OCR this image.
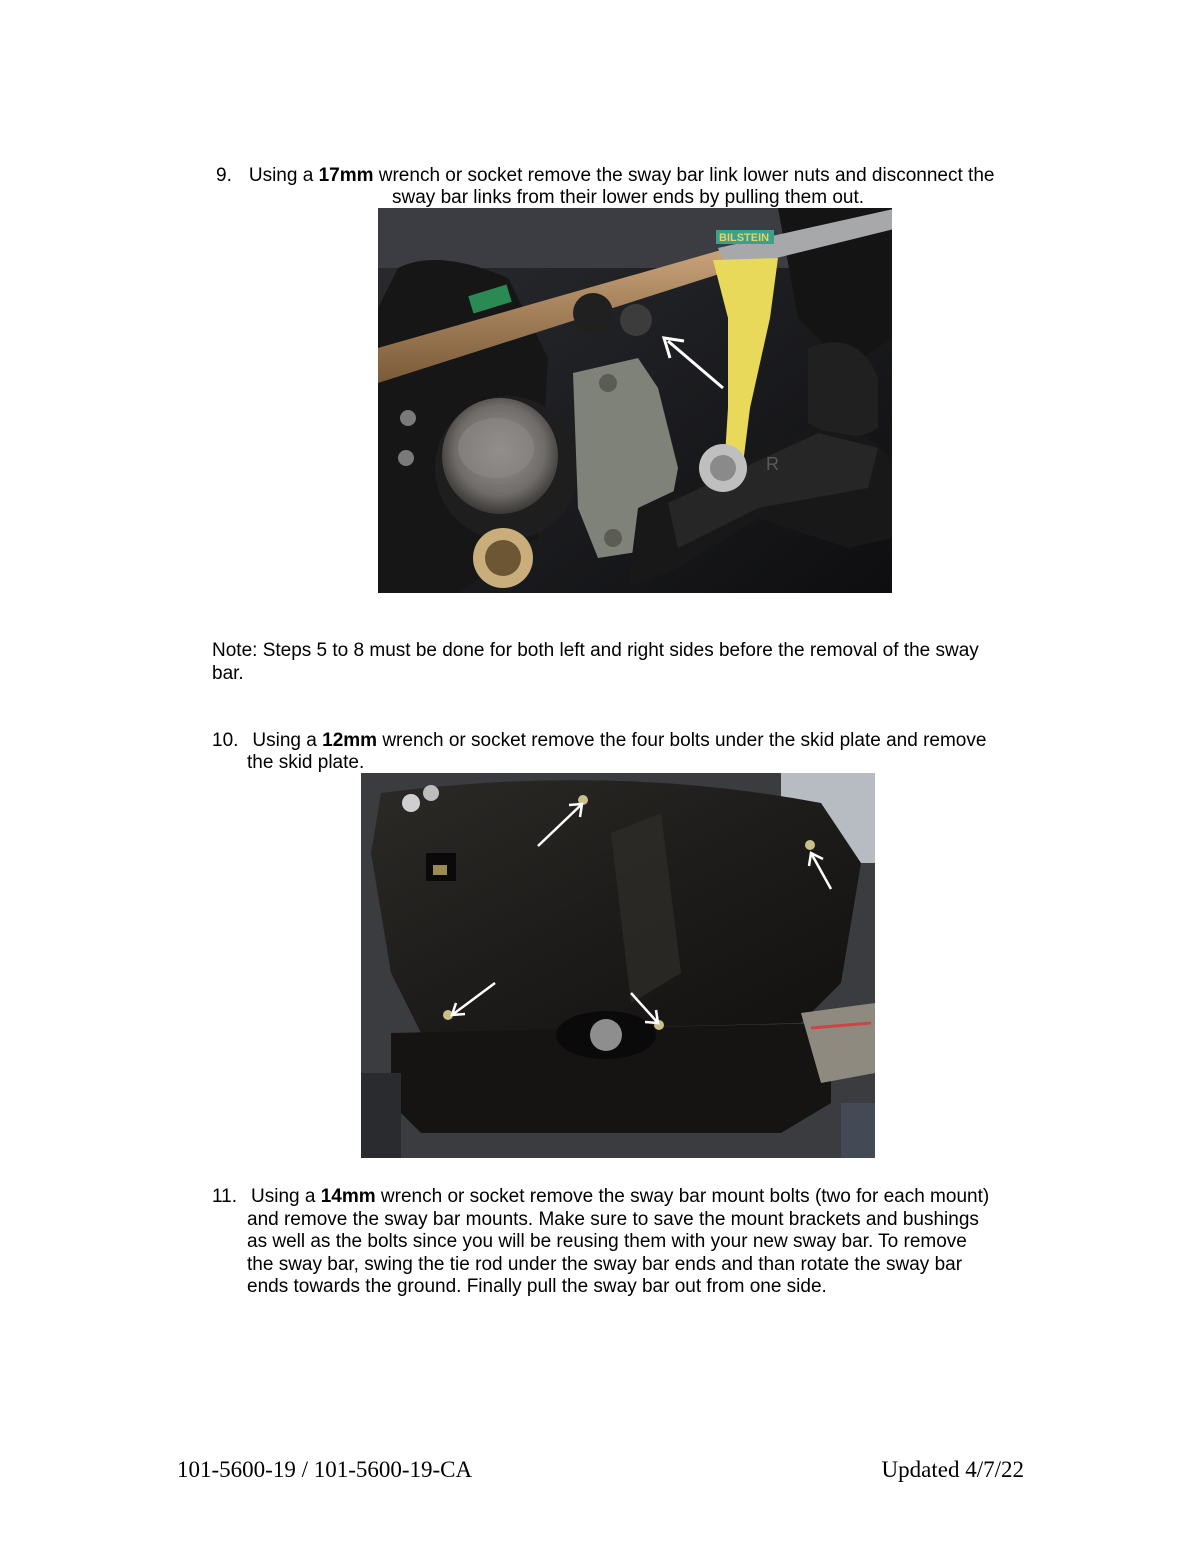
9. Using a 17mm wrench or socket remove the sway bar link lower nuts and disconnect the
sway bar links from their lower ends by pulling them out.
BILSTEIN
R
Note: Steps 5 to 8 must be done for both left and right sides before the removal of the sway
bar.
10. Using a 12mm wrench or socket remove the four bolts under the skid plate and remove
the skid plate.
11. Using a 14mm wrench or socket remove the sway bar mount bolts (two for each mount)
and remove the sway bar mounts. Make sure to save the mount brackets and bushings
as well as the bolts since you will be reusing them with your new sway bar. To remove
the sway bar, swing the tie rod under the sway bar ends and than rotate the sway bar
ends towards the ground. Finally pull the sway bar out from one side.
101-5600-19 / 101-5600-19-CA	Updated 4/7/22
